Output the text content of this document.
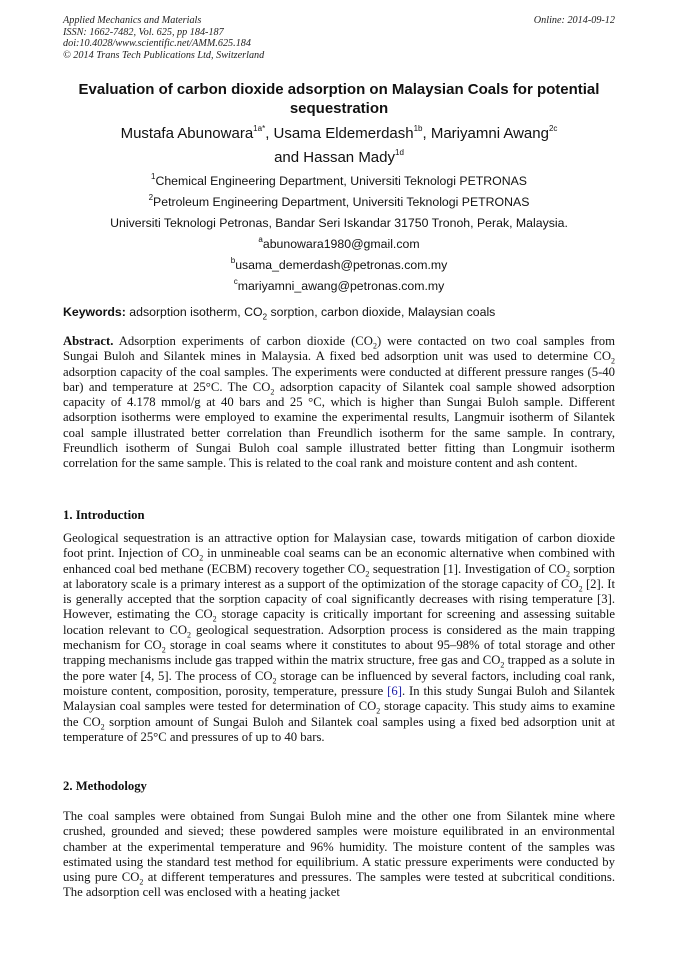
Applied Mechanics and Materials
ISSN: 1662-7482, Vol. 625, pp 184-187
doi:10.4028/www.scientific.net/AMM.625.184
© 2014 Trans Tech Publications Ltd, Switzerland
Online: 2014-09-12
Evaluation of carbon dioxide adsorption on Malaysian Coals for potential sequestration
Mustafa Abunowara$^{1a*}$, Usama Eldemerdash$^{1b}$, Mariyamni Awang$^{2c}$
and Hassan Mady$^{1d}$
$^1$Chemical Engineering Department, Universiti Teknologi PETRONAS
$^2$Petroleum Engineering Department, Universiti Teknologi PETRONAS
Universiti Teknologi Petronas, Bandar Seri Iskandar 31750 Tronoh, Perak, Malaysia.
$^a$abunowara1980@gmail.com
$^b$usama_demerdash@petronas.com.my
$^c$mariyamni_awang@petronas.com.my
Keywords: adsorption isotherm, $CO_2$ sorption, carbon dioxide, Malaysian coals
Abstract. Adsorption experiments of carbon dioxide $(CO_2)$ were contacted on two coal samples from Sungai Buloh and Silantek mines in Malaysia. A fixed bed adsorption unit was used to determine $CO_2$ adsorption capacity of the coal samples. The experiments were conducted at different pressure ranges (5-40 bar) and temperature at 25°C. The $CO_2$ adsorption capacity of Silantek coal sample showed adsorption capacity of 4.178 mmol/g at 40 bars and 25 °C, which is higher than Sungai Buloh sample. Different adsorption isotherms were employed to examine the experimental results, Langmuir isotherm of Silantek coal sample illustrated better correlation than Freundlich isotherm for the same sample. In contrary, Freundlich isotherm of Sungai Buloh coal sample illustrated better fitting than Longmuir isotherm correlation for the same sample. This is related to the coal rank and moisture content and ash content.
1. Introduction
Geological sequestration is an attractive option for Malaysian case, towards mitigation of carbon dioxide foot print. Injection of $CO_2$ in unmineable coal seams can be an economic alternative when combined with enhanced coal bed methane (ECBM) recovery together $CO_2$ sequestration [1]. Investigation of $CO_2$ sorption at laboratory scale is a primary interest as a support of the optimization of the storage capacity of $CO_2$ [2]. It is generally accepted that the sorption capacity of coal significantly decreases with rising temperature [3]. However, estimating the $CO_2$ storage capacity is critically important for screening and assessing suitable location relevant to $CO_2$ geological sequestration. Adsorption process is considered as the main trapping mechanism for $CO_2$ storage in coal seams where it constitutes to about 95–98% of total storage and other trapping mechanisms include gas trapped within the matrix structure, free gas and $CO_2$ trapped as a solute in the pore water [4, 5]. The process of $CO_2$ storage can be influenced by several factors, including coal rank, moisture content, composition, porosity, temperature, pressure [6]. In this study Sungai Buloh and Silantek Malaysian coal samples were tested for determination of $CO_2$ storage capacity. This study aims to examine the $CO_2$ sorption amount of Sungai Buloh and Silantek coal samples using a fixed bed adsorption unit at temperature of 25°C and pressures of up to 40 bars.
2. Methodology
The coal samples were obtained from Sungai Buloh mine and the other one from Silantek mine where crushed, grounded and sieved; these powdered samples were moisture equilibrated in an environmental chamber at the experimental temperature and 96% humidity. The moisture content of the samples was estimated using the standard test method for equilibrium. A static pressure experiments were conducted by using pure $CO_2$ at different temperatures and pressures. The samples were tested at subcritical conditions. The adsorption cell was enclosed with a heating jacket
